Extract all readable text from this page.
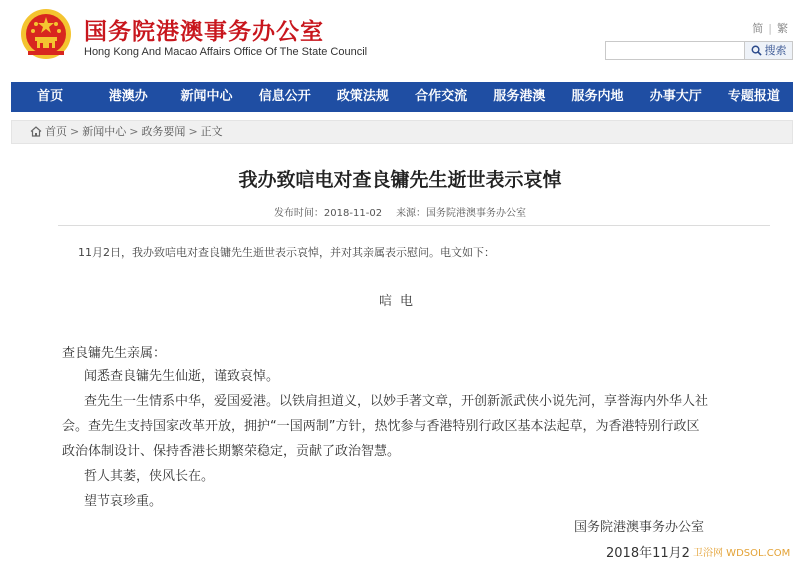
国务院港澳事务办公室
Hong Kong And Macao Affairs Office Of The State Council
简 | 繁
搜索
首页	港澳办	新闻中心	信息公开	政策法规	合作交流	服务港澳	服务内地	办事大厅	专题报道
首页 > 新闻中心 > 政务要闻 > 正文
我办致唁电对查良镛先生逝世表示哀悼
发布时间：2018-11-02 来源：国务院港澳事务办公室
11月2日，我办致唁电对查良镛先生逝世表示哀悼，并对其亲属表示慰问。电文如下：
唁电
查良镛先生亲属：
闻悉查良镛先生仙逝，谨致哀悼。
查先生一生情系中华，爱国爱港。以铁肩担道义，以妙手著文章，开创新派武侠小说先河，享誉海内外华人社
会。查先生支持国家改革开放，拥护“一国两制”方针，热忱参与香港特别行政区基本法起草，为香港特别行政区
政治体制设计、保持香港长期繁荣稳定，贡献了政治智慧。
哲人其萎，侠风长在。
望节哀珍重。
国务院港澳事务办公室
2018年11月2 卫浴网 WDSOL.COM
